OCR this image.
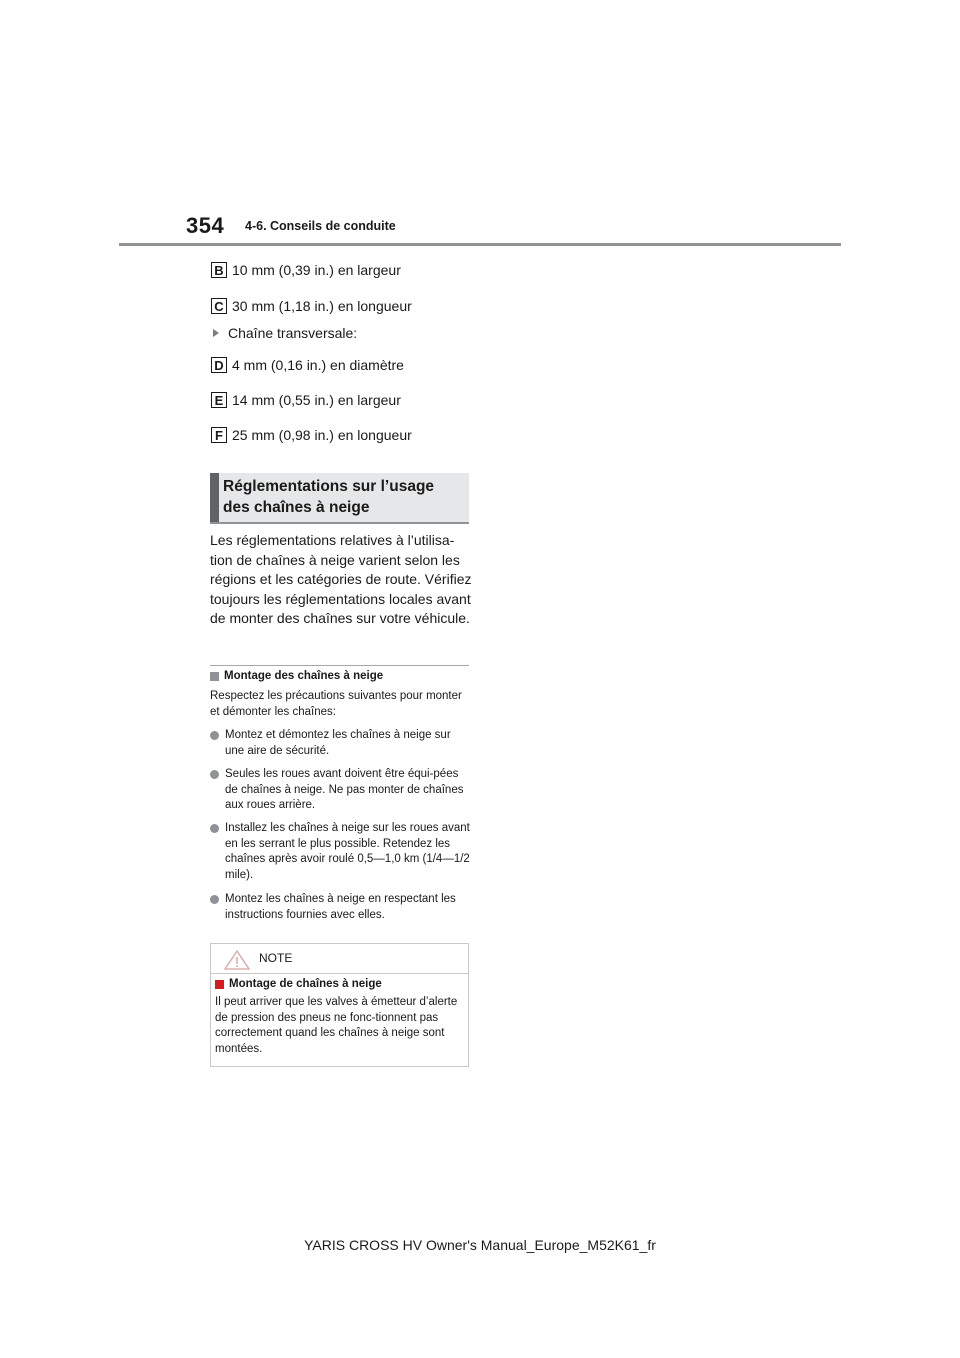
354 4-6. Conseils de conduite
B 10 mm (0,39 in.) en largeur
C 30 mm (1,18 in.) en longueur
Chaîne transversale:
D 4 mm (0,16 in.) en diamètre
E 14 mm (0,55 in.) en largeur
F 25 mm (0,98 in.) en longueur
Réglementations sur l’usage
des chaînes à neige
Les réglementations relatives à l’utilisa-tion de chaînes à neige varient selon les régions et les catégories de route. Vérifiez toujours les réglementations locales avant de monter des chaînes sur votre véhicule.
Montage des chaînes à neige
Respectez les précautions suivantes pour monter et démonter les chaînes:
Montez et démontez les chaînes à neige sur une aire de sécurité.
Seules les roues avant doivent être équi-pées de chaînes à neige. Ne pas monter de chaînes aux roues arrière.
Installez les chaînes à neige sur les roues avant en les serrant le plus possible. Retendez les chaînes après avoir roulé 0,5—1,0 km (1/4—1/2 mile).
Montez les chaînes à neige en respectant les instructions fournies avec elles.
NOTE
Montage de chaînes à neige
Il peut arriver que les valves à émetteur d’alerte de pression des pneus ne fonc-tionnent pas correctement quand les chaînes à neige sont montées.
YARIS CROSS HV Owner's Manual_Europe_M52K61_fr
